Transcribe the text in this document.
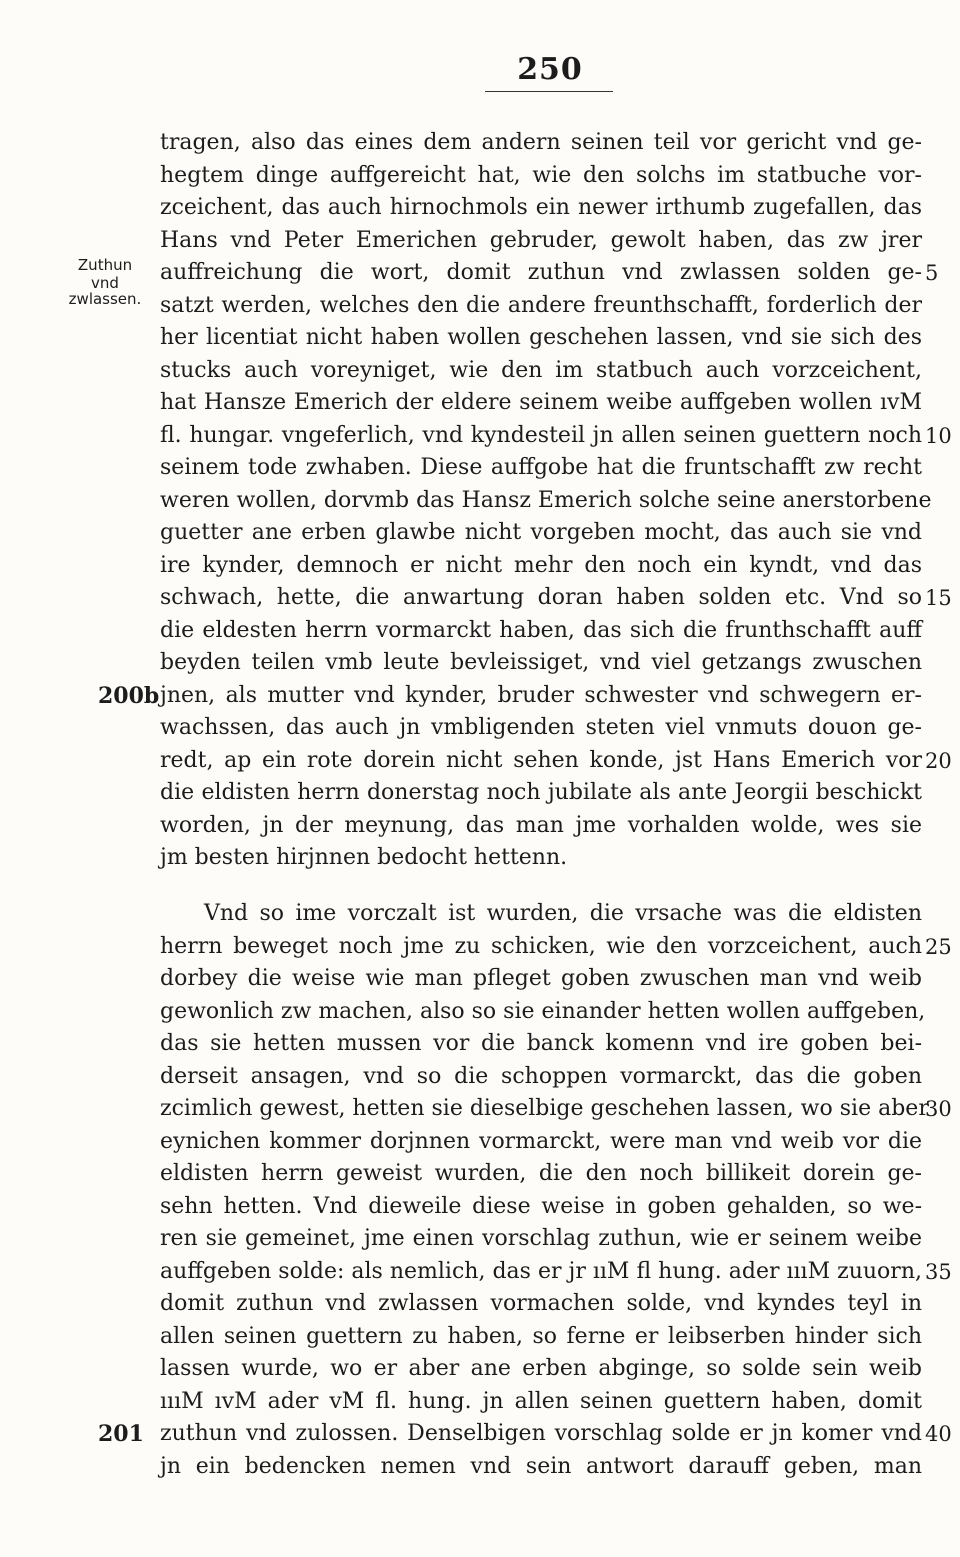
250
Zuthun
vnd
zwlassen.
tragen, also das eines dem andern seinen teil vor gericht vnd ge-
hegtem dinge auffgereicht hat, wie den solchs im statbuche vor-
zceichent, das auch hirnochmols ein newer irthumb zugefallen, das
Hans vnd Peter Emerichen gebruder, gewolt haben, das zw jrer
auffreichung die wort, domit zuthun vnd zwlassen solden ge-
satzt werden, welches den die andere freunthschafft, forderlich der
her licentiat nicht haben wollen geschehen lassen, vnd sie sich des
stucks auch voreyniget, wie den im statbuch auch vorzceichent,
hat Hansze Emerich der eldere seinem weibe auffgeben wollen ıvM
fl. hungar. vngeferlich, vnd kyndesteil jn allen seinen guettern noch
seinem tode zwhaben. Diese auffgobe hat die fruntschafft zw recht
weren wollen, dorvmb das Hansz Emerich solche seine anerstorbene
guetter ane erben glawbe nicht vorgeben mocht, das auch sie vnd
ire kynder, demnoch er nicht mehr den noch ein kyndt, vnd das
schwach, hette, die anwartung doran haben solden etc. Vnd so
die eldesten herrn vormarckt haben, das sich die frunthschafft auff
beyden teilen vmb leute bevleissiget, vnd viel getzangs zwuschen
jnen, als mutter vnd kynder, bruder schwester vnd schwegern er-
wachssen, das auch jn vmbligenden steten viel vnmuts douon ge-
redt, ap ein rote dorein nicht sehen konde, jst Hans Emerich vor
die eldisten herrn donerstag noch jubilate als ante Jeorgii beschickt
worden, jn der meynung, das man jme vorhalden wolde, wes sie
jm besten hirjnnen bedocht hettenn.
Vnd so ime vorczalt ist wurden, die vrsache was die eldisten
herrn beweget noch jme zu schicken, wie den vorzceichent, auch
dorbey die weise wie man pfleget goben zwuschen man vnd weib
gewonlich zw machen, also so sie einander hetten wollen auffgeben,
das sie hetten mussen vor die banck komenn vnd ire goben bei-
derseit ansagen, vnd so die schoppen vormarckt, das die goben
zcimlich gewest, hetten sie dieselbige geschehen lassen, wo sie aber
eynichen kommer dorjnnen vormarckt, were man vnd weib vor die
eldisten herrn geweist wurden, die den noch billikeit dorein ge-
sehn hetten. Vnd dieweile diese weise in goben gehalden, so we-
ren sie gemeinet, jme einen vorschlag zuthun, wie er seinem weibe
auffgeben solde: als nemlich, das er jr ııM fl hung. ader ıııM zuuorn,
domit zuthun vnd zwlassen vormachen solde, vnd kyndes teyl in
allen seinen guettern zu haben, so ferne er leibserben hinder sich
lassen wurde, wo er aber ane erben abginge, so solde sein weib
ıııM ıvM ader vM fl. hung. jn allen seinen guettern haben, domit
zuthun vnd zulossen. Denselbigen vorschlag solde er jn komer vnd
jn ein bedencken nemen vnd sein antwort darauff geben, man
5
10
15
20
25
30
35
40
200b
201
